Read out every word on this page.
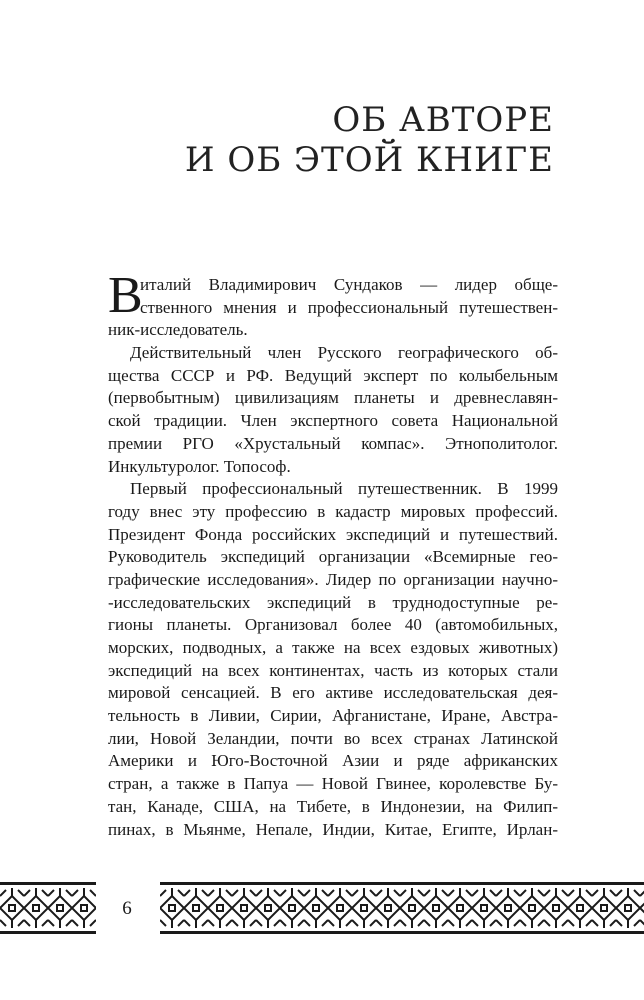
ОБ АВТОРЕ
И ОБ ЭТОЙ КНИГЕ
В
италий Владимирович Сундаков — лидер обще-
ственного мнения и профессиональный путешествен-
ник-исследователь.
Действительный член Русского географического об-
щества СССР и РФ. Ведущий эксперт по колыбельным
(первобытным) цивилизациям планеты и древнеславян-
ской традиции. Член экспертного совета Национальной
премии РГО «Хрустальный компас». Этнополитолог.
Инкультуролог. Топософ.
Первый профессиональный путешественник. В 1999
году внес эту профессию в кадастр мировых профессий.
Президент Фонда российских экспедиций и путешествий.
Руководитель экспедиций организации «Всемирные гео-
графические исследования». Лидер по организации научно-
-исследовательских экспедиций в труднодоступные ре-
гионы планеты. Организовал более 40 (автомобильных,
морских, подводных, а также на всех ездовых животных)
экспедиций на всех континентах, часть из которых стали
мировой сенсацией. В его активе исследовательская дея-
тельность в Ливии, Сирии, Афганистане, Иране, Австра-
лии, Новой Зеландии, почти во всех странах Латинской
Америки и Юго-Восточной Азии и ряде африканских
стран, а также в Папуа — Новой Гвинее, королевстве Бу-
тан, Канаде, США, на Тибете, в Индонезии, на Филип-
пинах, в Мьянме, Непале, Индии, Китае, Египте, Ирлан-
6
